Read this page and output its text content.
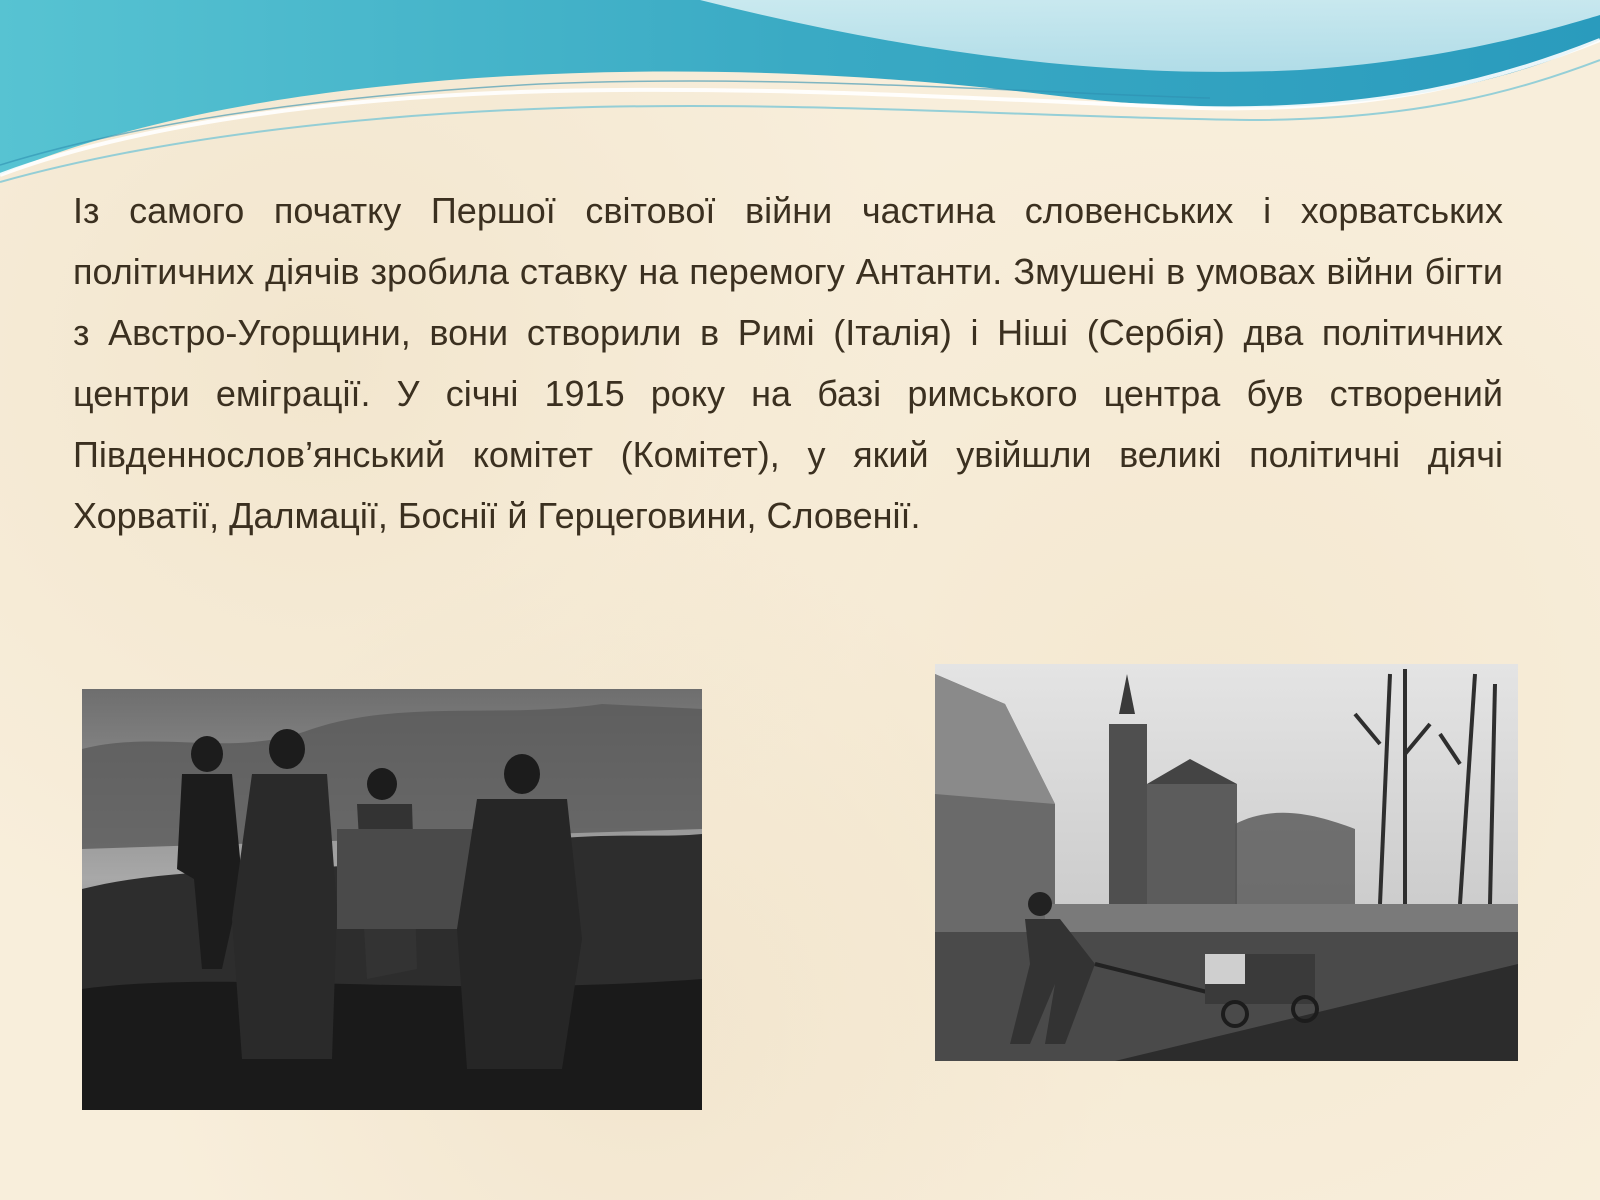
Із самого початку Першої світової війни частина словенських і хорватських політичних діячів зробила ставку на перемогу Антанти. Змушені в умовах війни бігти з Австро-Угорщини, вони створили в Римі (Італія) і Ніші (Сербія) два політичних центри еміграції. У січні 1915 року на базі римського центра був створений Південнослов’янський комітет (Комітет), у який увійшли великі політичні діячі Хорватії, Далмації, Боснії й Герцеговини, Словенії.
